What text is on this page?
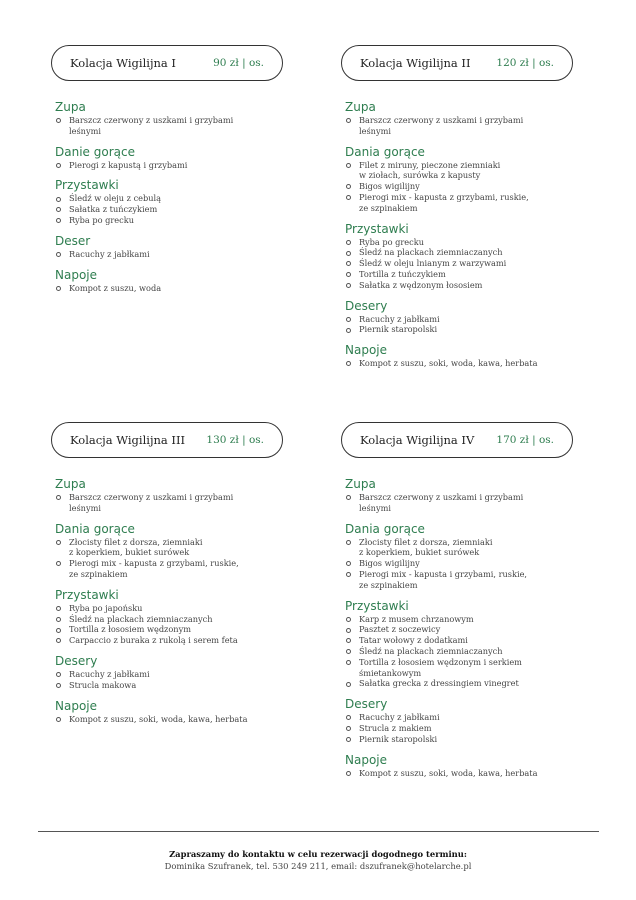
Kolacja Wigilijna I	90 zł | os.
Zupa
Barszcz czerwony z uszkami i grzybami
leśnymi
Danie gorące
Pierogi z kapustą i grzybami
Przystawki
Śledź w oleju z cebulą
Sałatka z tuńczykiem
Ryba po grecku
Deser
Racuchy z jabłkami
Napoje
Kompot z suszu, woda
Kolacja Wigilijna II 120 zł | os.
Zupa
Barszcz czerwony z uszkami i grzybami
leśnymi
Dania gorące
Filet z miruny, pieczone ziemniaki
w ziołach, surówka z kapusty
Bigos wigilijny
Pierogi mix - kapusta z grzybami, ruskie,
ze szpinakiem
Przystawki
Ryba po grecku
Śledź na plackach ziemniaczanych
Śledź w oleju lnianym z warzywami
Tortilla z tuńczykiem
Sałatka z wędzonym łososiem
Desery
Racuchy z jabłkami
Piernik staropolski
Napoje
Kompot z suszu, soki, woda, kawa, herbata
Kolacja Wigilijna III 130 zł | os.
Zupa
Barszcz czerwony z uszkami i grzybami
leśnymi
Dania gorące
Złocisty filet z dorsza, ziemniaki
z koperkiem, bukiet surówek
Pierogi mix - kapusta z grzybami, ruskie,
ze szpinakiem
Przystawki
Ryba po japońsku
Śledź na plackach ziemniaczanych
Tortilla z łososiem wędzonym
Carpaccio z buraka z rukolą i serem feta
Desery
Racuchy z jabłkami
Strucla makowa
Napoje
Kompot z suszu, soki, woda, kawa, herbata
Kolacja Wigilijna IV 170 zł | os.
Zupa
Barszcz czerwony z uszkami i grzybami
leśnymi
Dania gorące
Złocisty filet z dorsza, ziemniaki
z koperkiem, bukiet surówek
Bigos wigilijny
Pierogi mix - kapusta i grzybami, ruskie,
ze szpinakiem
Przystawki
Karp z musem chrzanowym
Pasztet z soczewicy
Tatar wołowy z dodatkami
Śledź na plackach ziemniaczanych
Tortilla z łososiem wędzonym i serkiem
śmietankowym
Sałatka grecka z dressingiem vinegret
Desery
Racuchy z jabłkami
Strucla z makiem
Piernik staropolski
Napoje
Kompot z suszu, soki, woda, kawa, herbata
Zapraszamy do kontaktu w celu rezerwacji dogodnego terminu:
Dominika Szufranek, tel. 530 249 211, email: dszufranek@hotelarche.pl
